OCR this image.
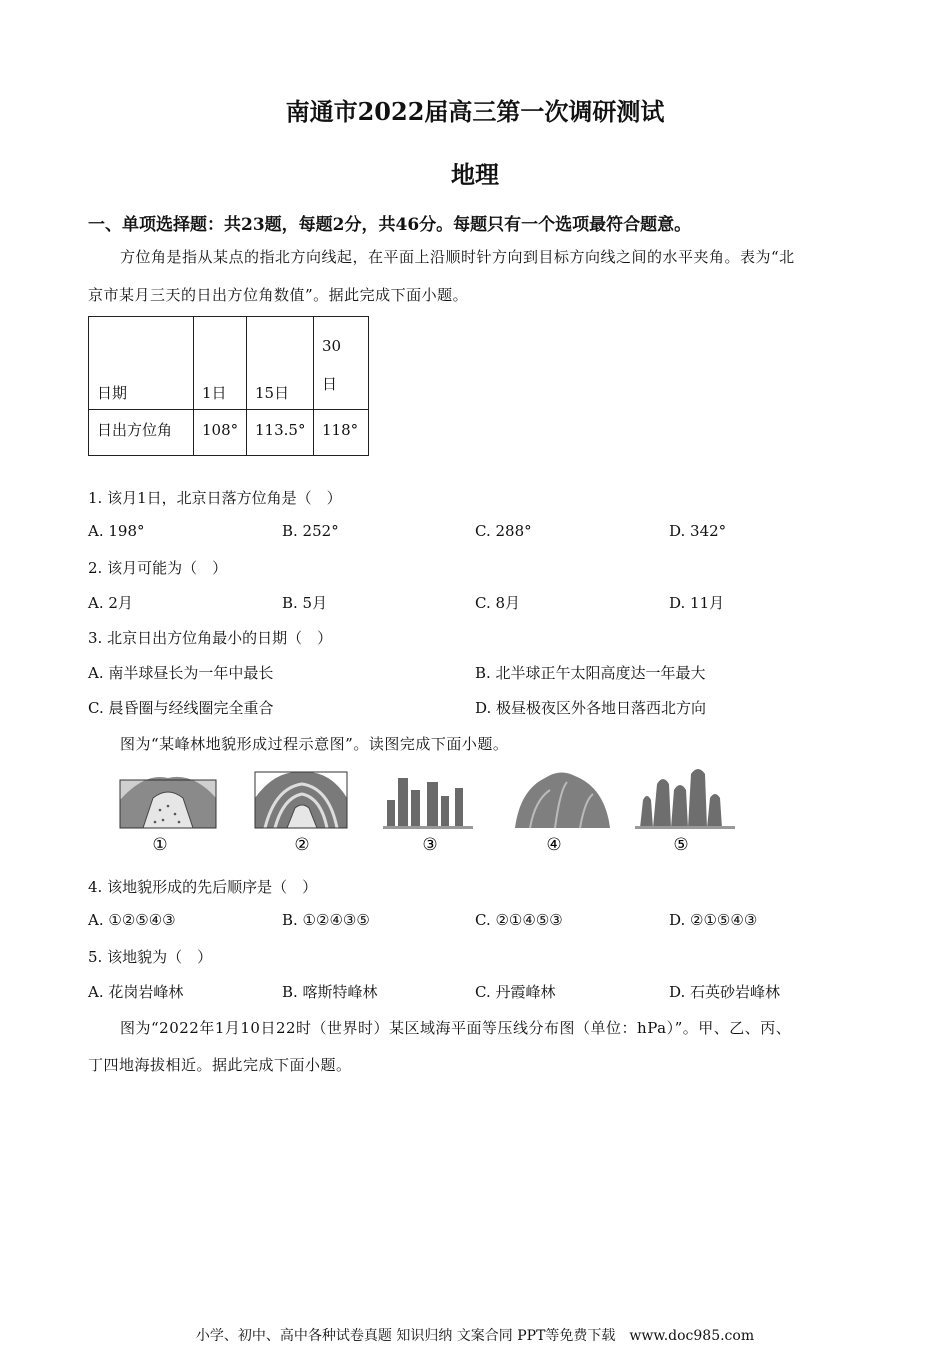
南通市2022届高三第一次调研测试
地理
一、单项选择题：共23题，每题2分，共46分。每题只有一个选项最符合题意。
方位角是指从某点的指北方向线起，在平面上沿顺时针方向到目标方向线之间的水平夹角。表为“北
京市某月三天的日出方位角数值”。据此完成下面小题。
日期	1日	15日	30
日
日出方位角	108°	113.5°	118°
1. 该月1日，北京日落方位角是（　）
A. 198°	B. 252°	C. 288°	D. 342°
2. 该月可能为（　）
A. 2月	B. 5月	C. 8月	D. 11月
3. 北京日出方位角最小的日期（　）
A. 南半球昼长为一年中最长	B. 北半球正午太阳高度达一年最大
C. 晨昏圈与经线圈完全重合	D. 极昼极夜区外各地日落西北方向
图为“某峰林地貌形成过程示意图”。读图完成下面小题。
①	②	③	④	⑤
4. 该地貌形成的先后顺序是（　）
A. ①②⑤④③	B. ①②④③⑤	C. ②①④⑤③	D. ②①⑤④③
5. 该地貌为（　）
A. 花岗岩峰林	B. 喀斯特峰林	C. 丹霞峰林	D. 石英砂岩峰林
图为“2022年1月10日22时（世界时）某区域海平面等压线分布图（单位：hPa）”。甲、乙、丙、
丁四地海拔相近。据此完成下面小题。
小学、初中、高中各种试卷真题 知识归纳 文案合同 PPT等免费下载　www.doc985.com
